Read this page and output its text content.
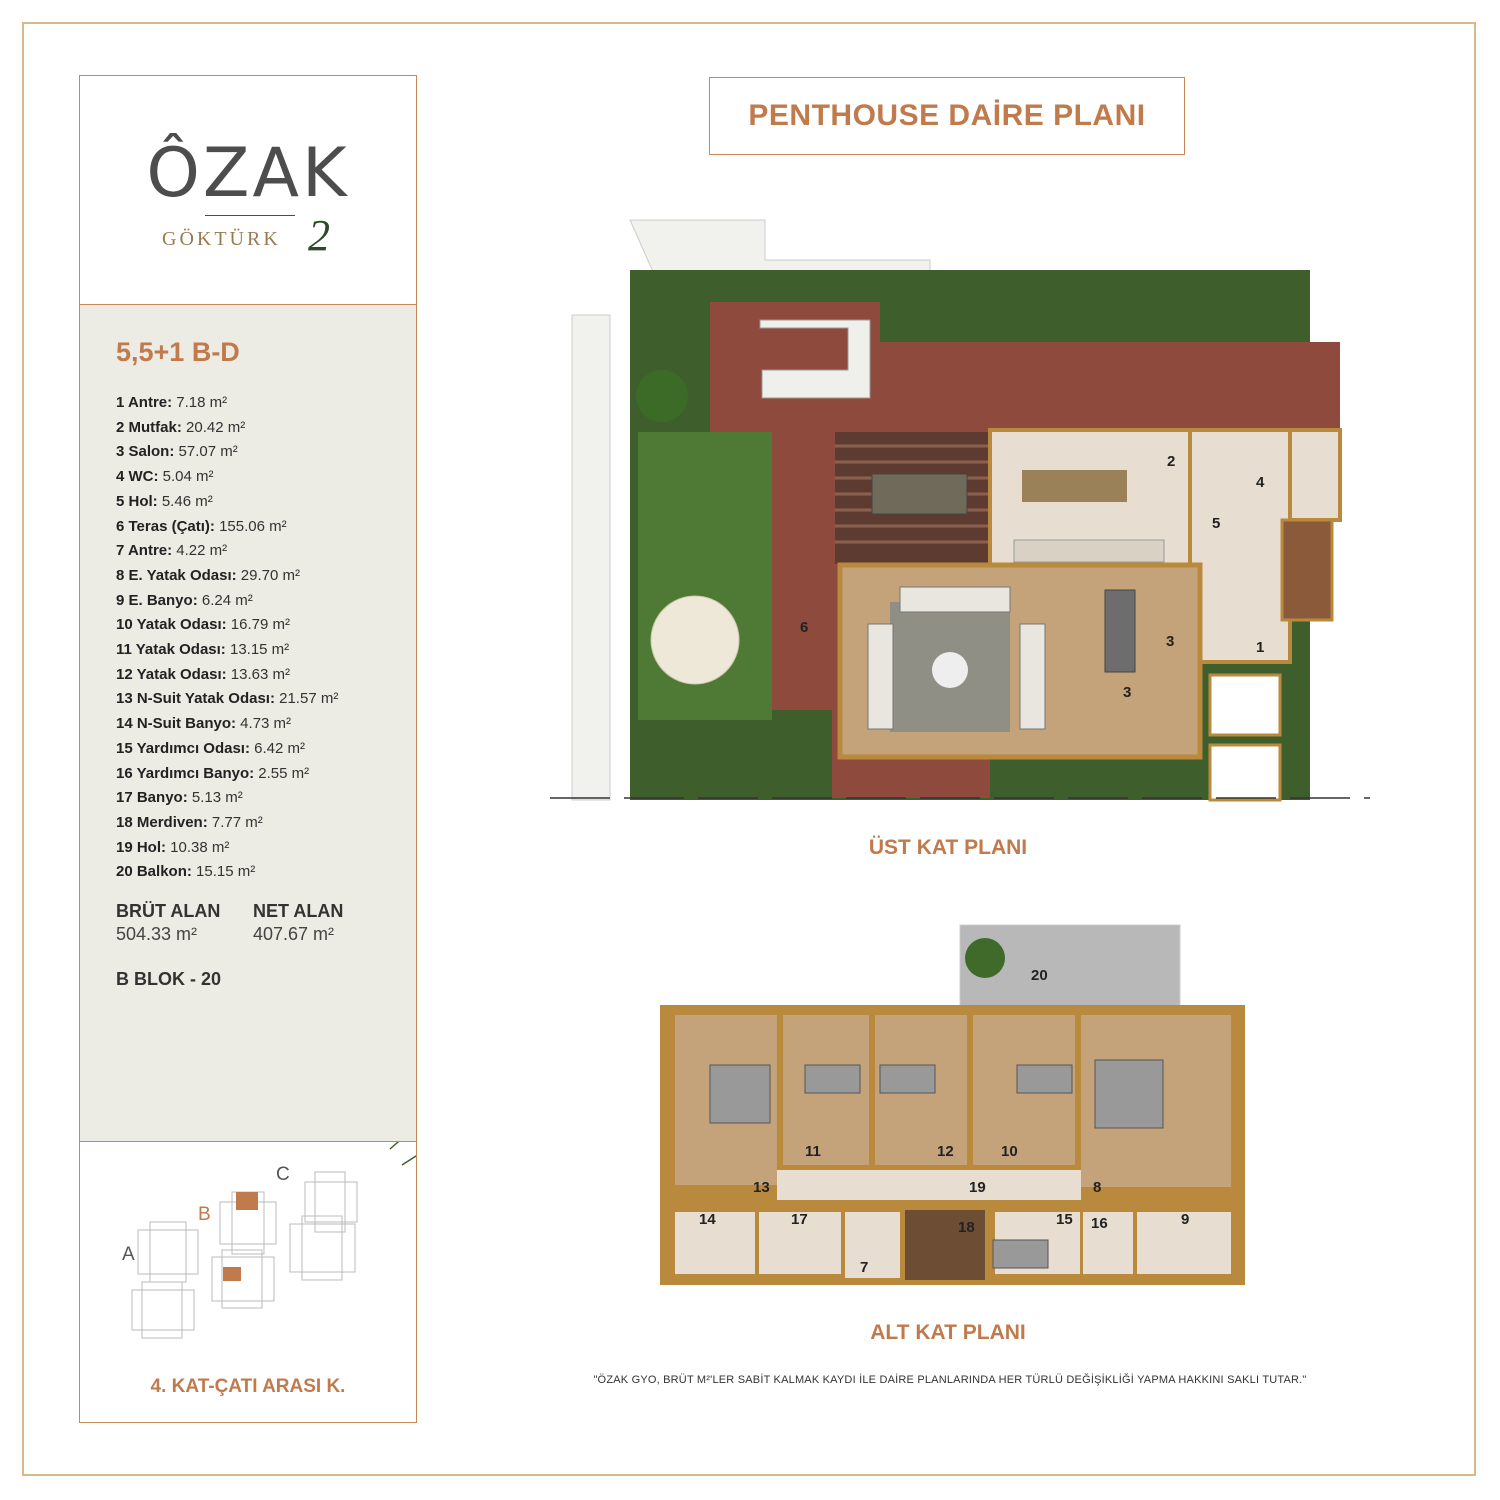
ÔZAK
GÖKTÜRK 2
5,5+1 B-D
1 Antre: 7.18 m²
2 Mutfak: 20.42 m²
3 Salon: 57.07 m²
4 WC: 5.04 m²
5 Hol: 5.46 m²
6 Teras (Çatı): 155.06 m²
7 Antre: 4.22 m²
8 E. Yatak Odası: 29.70 m²
9 E. Banyo: 6.24 m²
10 Yatak Odası: 16.79 m²
11 Yatak Odası: 13.15 m²
12 Yatak Odası: 13.63 m²
13 N-Suit Yatak Odası: 21.57 m²
14 N-Suit Banyo: 4.73 m²
15 Yardımcı Odası: 6.42 m²
16 Yardımcı Banyo: 2.55 m²
17 Banyo: 5.13 m²
18 Merdiven: 7.77 m²
19 Hol: 10.38 m²
20 Balkon: 15.15 m²
BRÜT ALAN
504.33 m²
NET ALAN
407.67 m²
B BLOK - 20
A
B
C
4. KAT-ÇATI ARASI K.
PENTHOUSE DAİRE PLANI
1
2
3
3
4
5
6
ÜST KAT PLANI
7
8
9
10
11	12
13
14	15 16
17	18
19
20
ALT KAT PLANI
"ÖZAK GYO, BRÜT M²'LER SABİT KALMAK KAYDI İLE DAİRE PLANLARINDA HER TÜRLÜ DEĞİŞİKLİĞİ YAPMA HAKKINI SAKLI TUTAR."
